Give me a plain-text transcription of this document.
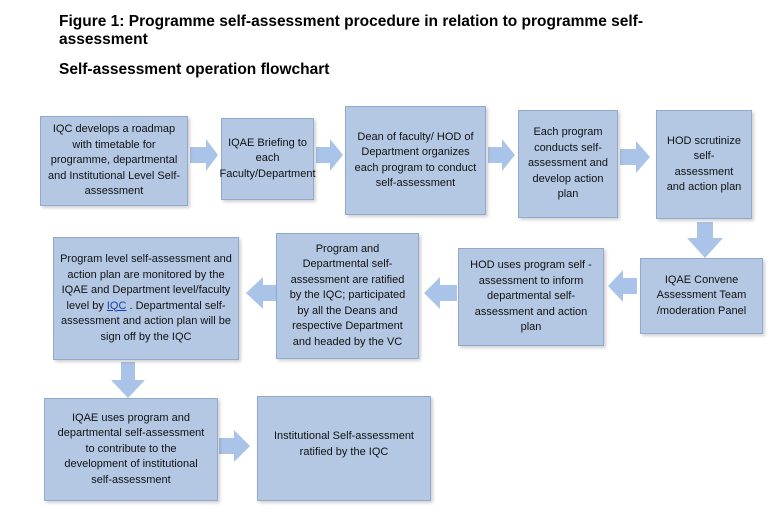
Figure 1: Programme self-assessment procedure in relation to programme self-assessment
Self-assessment operation flowchart
IQC develops a roadmap with timetable for programme, departmental and Institutional Level Self-assessment
IQAE Briefing to each Faculty/Department
Dean of faculty/ HOD of Department organizes each program to conduct self-assessment
Each program conducts self-assessment and develop action plan
HOD scrutinize self-assessment and action plan
IQAE Convene Assessment Team /moderation Panel
HOD uses program self - assessment to inform departmental self-assessment and action plan
Program and Departmental self-assessment are ratified by the IQC; participated by all the Deans and respective Department and headed by the VC
Program level self-assessment and action plan are monitored by the IQAE and Department level/faculty level by IQC . Departmental self-assessment and action plan will be sign off by the IQC
IQAE uses program and departmental self-assessment to contribute to the development of institutional self-assessment
Institutional Self-assessment ratified by the IQC
